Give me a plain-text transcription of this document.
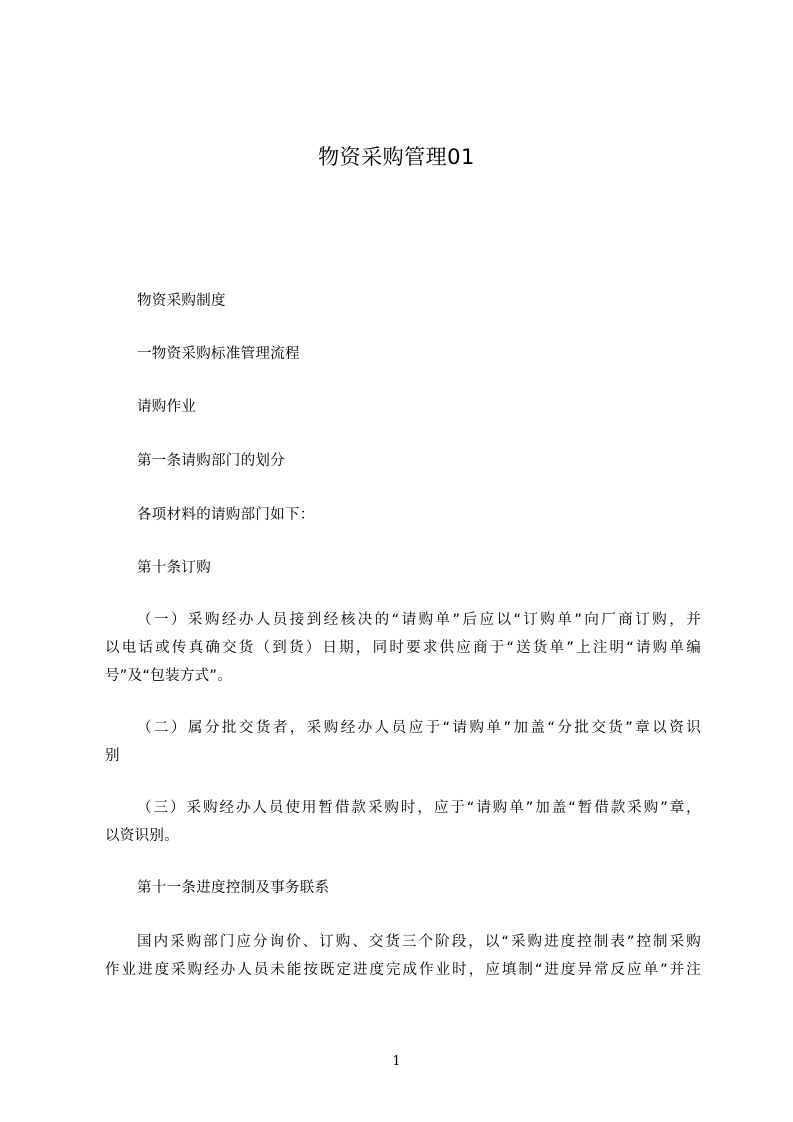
物资采购管理01
物资采购制度
一物资采购标准管理流程
请购作业
第一条请购部门的划分
各项材料的请购部门如下：
第十条订购
（一）采购经办人员接到经核决的“请购单”后应以“订购单”向厂商订购，并
以电话或传真确交货（到货）日期，同时要求供应商于“送货单”上注明“请购单编
号”及“包装方式”。
（二）属分批交货者，采购经办人员应于“请购单”加盖“分批交货”章以资识
别
（三）采购经办人员使用暂借款采购时，应于“请购单”加盖“暂借款采购”章，
以资识别。
第十一条进度控制及事务联系
国内采购部门应分询价、订购、交货三个阶段，以“采购进度控制表”控制采购
作业进度采购经办人员未能按既定进度完成作业时，应填制“进度异常反应单”并注
1
